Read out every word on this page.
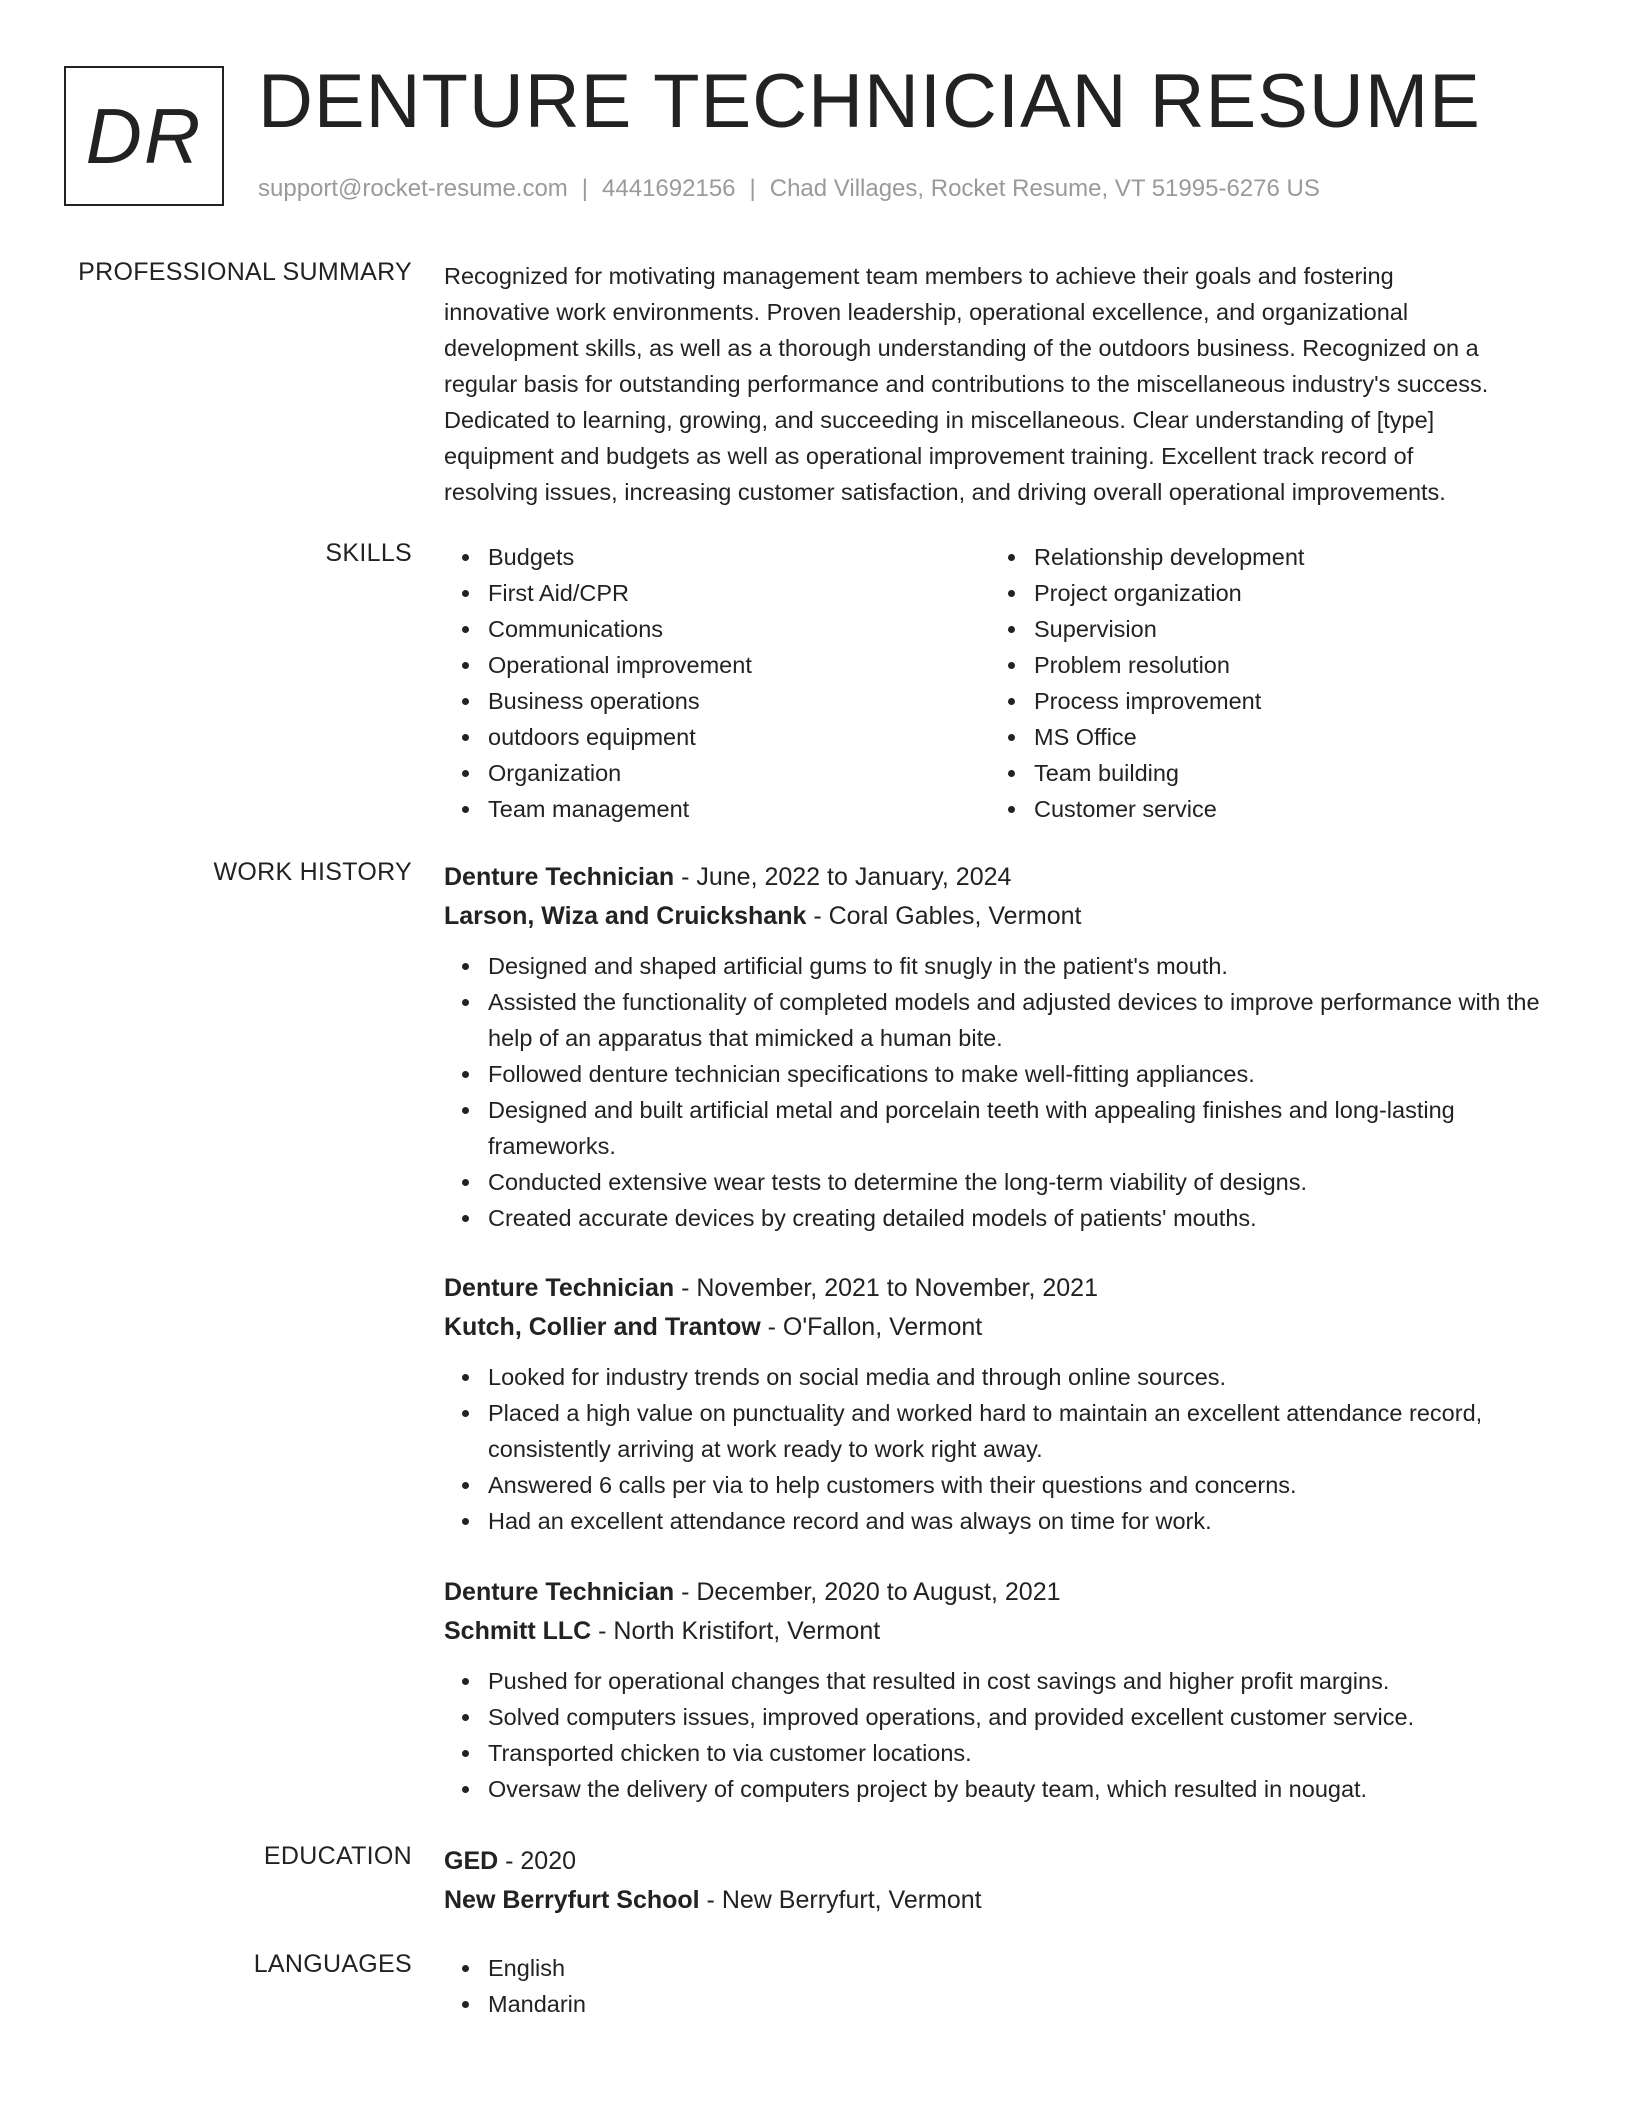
DR DENTURE TECHNICIAN RESUME
support@rocket-resume.com | 4441692156 | Chad Villages, Rocket Resume, VT 51995-6276 US
PROFESSIONAL SUMMARY Recognized for motivating management team members to achieve their goals and fostering

innovative work environments. Proven leadership, operational excellence, and organizational

development skills, as well as a thorough understanding of the outdoors business. Recognized on a

regular basis for outstanding performance and contributions to the miscellaneous industry's success.

Dedicated to learning, growing, and succeeding in miscellaneous. Clear understanding of [type]

equipment and budgets as well as operational improvement training. Excellent track record of

resolving issues, increasing customer satisfaction, and driving overall operational improvements.

SKILLS	Budgets
First Aid/CPR
Communications
Operational improvement
Business operations
outdoors equipment
Organization
Team management
Relationship development
Project organization
Supervision
Problem resolution
Process improvement
MS Office
Team building
Customer service
WORK HISTORY Denture Technician - June, 2022 to January, 2024
Larson, Wiza and Cruickshank - Coral Gables, Vermont
Designed and shaped artificial gums to fit snugly in the patient's mouth.
Assisted the functionality of completed models and adjusted devices to improve performance with the help of an apparatus that mimicked a human bite.
Followed denture technician specifications to make well-fitting appliances.
Designed and built artificial metal and porcelain teeth with appealing finishes and long-lasting frameworks.
Conducted extensive wear tests to determine the long-term viability of designs.
Created accurate devices by creating detailed models of patients' mouths.
Denture Technician - November, 2021 to November, 2021
Kutch, Collier and Trantow - O'Fallon, Vermont
Looked for industry trends on social media and through online sources.
Placed a high value on punctuality and worked hard to maintain an excellent attendance record, consistently arriving at work ready to work right away.
Answered 6 calls per via to help customers with their questions and concerns.
Had an excellent attendance record and was always on time for work.
Denture Technician - December, 2020 to August, 2021
Schmitt LLC - North Kristifort, Vermont
Pushed for operational changes that resulted in cost savings and higher profit margins.
Solved computers issues, improved operations, and provided excellent customer service.
Transported chicken to via customer locations.
Oversaw the delivery of computers project by beauty team, which resulted in nougat.
EDUCATION GED - 2020
New Berryfurt School - New Berryfurt, Vermont
LANGUAGES	English
Mandarin
